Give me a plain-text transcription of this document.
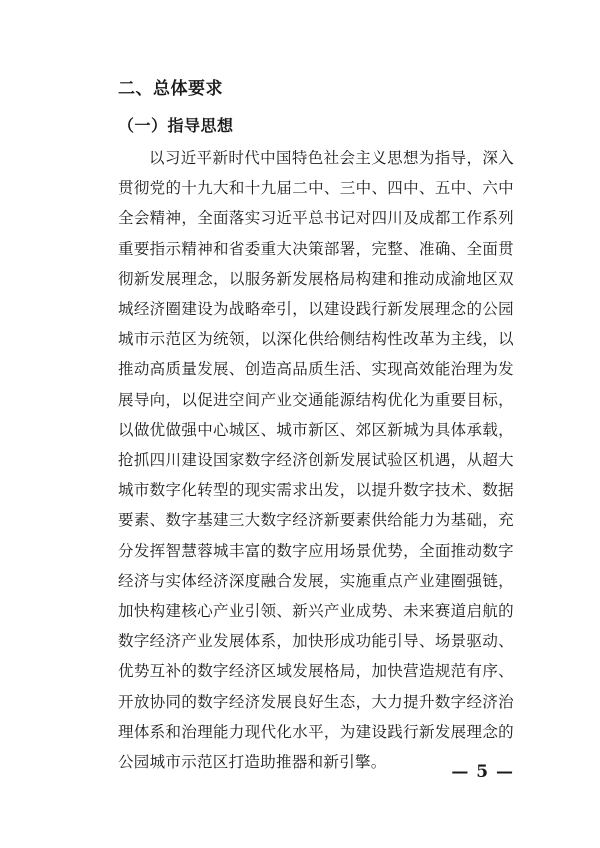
二、总体要求
（一）指导思想

以习近平新时代中国特色社会主义思想为指导，深入贯彻党的十九大和十九届二中、三中、四中、五中、六中全会精神，全面落实习近平总书记对四川及成都工作系列重要指示精神和省委重大决策部署，完整、准确、全面贯彻新发展理念，以服务新发展格局构建和推动成渝地区双城经济圈建设为战略牵引，以建设践行新发展理念的公园城市示范区为统领，以深化供给侧结构性改革为主线，以推动高质量发展、创造高品质生活、实现高效能治理为发展导向，以促进空间产业交通能源结构优化为重要目标，以做优做强中心城区、城市新区、郊区新城为具体承载，抢抓四川建设国家数字经济创新发展试验区机遇，从超大城市数字化转型的现实需求出发，以提升数字技术、数据要素、数字基建三大数字经济新要素供给能力为基础，充分发挥智慧蓉城丰富的数字应用场景优势，全面推动数字经济与实体经济深度融合发展，实施重点产业建圈强链，加快构建核心产业引领、新兴产业成势、未来赛道启航的数字经济产业发展体系，加快形成功能引导、场景驱动、优势互补的数字经济区域发展格局，加快营造规范有序、开放协同的数字经济发展良好生态，大力提升数字经济治理体系和治理能力现代化水平，为建设践行新发展理念的公园城市示范区打造助推器和新引擎。	— 5 —
